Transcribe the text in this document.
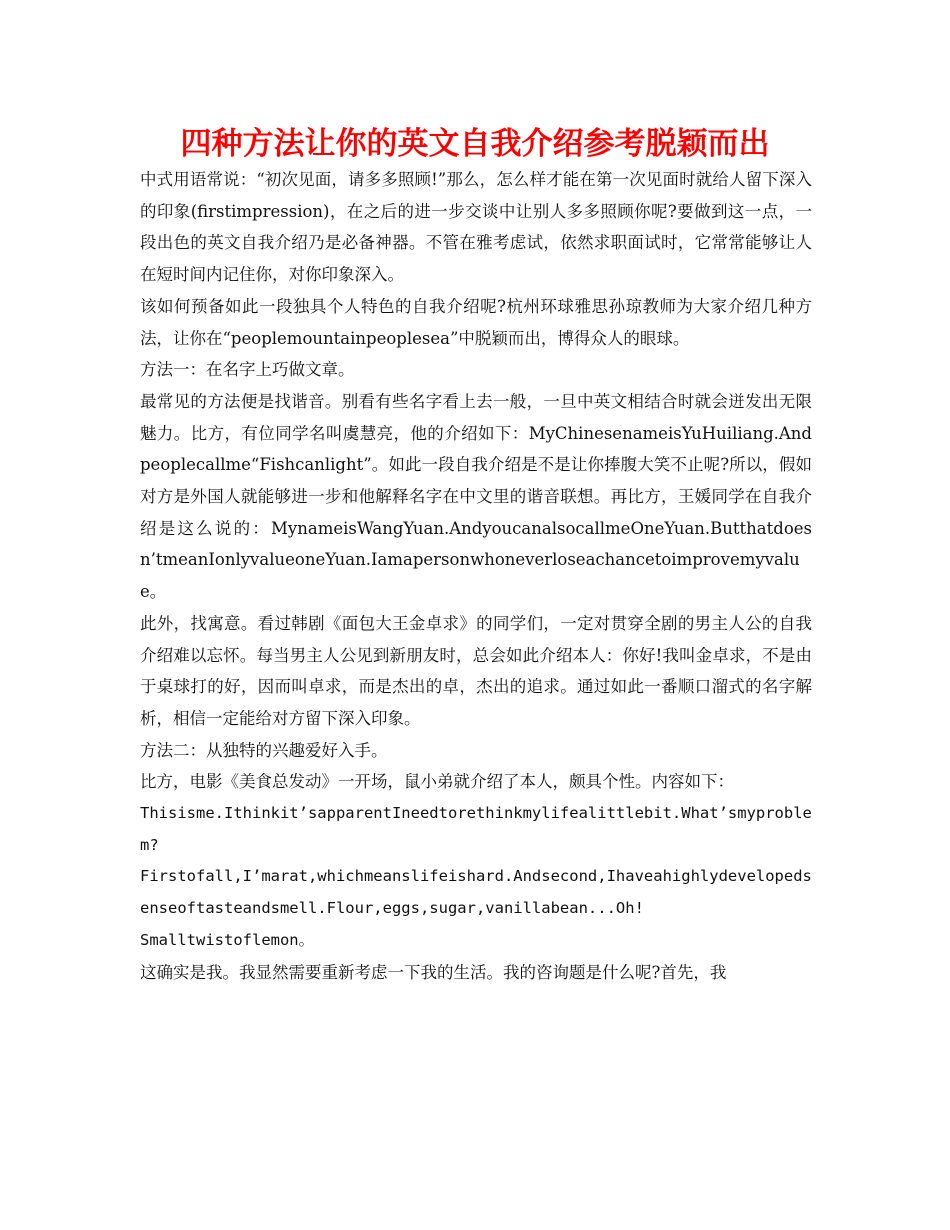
四种方法让你的英文自我介绍参考脱颖而出

中式用语常说：“初次见面，请多多照顾!”那么，怎么样才能在第一次见面时就给人留下深入的印象(firstimpression)，在之后的进一步交谈中让别人多多照顾你呢?要做到这一点，一段出色的英文自我介绍乃是必备神器。不管在雅考虑试，依然求职面试时，它常常能够让人在短时间内记住你，对你印象深入。

该如何预备如此一段独具个人特色的自我介绍呢?杭州环球雅思孙琼教师为大家介绍几种方法，让你在“peoplemountainpeoplesea”中脱颖而出，博得众人的眼球。

方法一：在名字上巧做文章。

最常见的方法便是找谐音。别看有些名字看上去一般，一旦中英文相结合时就会迸发出无限魅力。比方，有位同学名叫虞慧亮，他的介绍如下：MyChinesenameisYuHuiliang.Andpeoplecallme“Fishcanlight”。如此一段自我介绍是不是让你捧腹大笑不止呢?所以，假如对方是外国人就能够进一步和他解释名字在中文里的谐音联想。再比方，王媛同学在自我介绍是这么说的：MynameisWangYuan.AndyoucanalsocallmeOneYuan.Butthatdoesn’tmeanIonlyvalueoneYuan.Iamapersonwhoneverloseachancetoimprovemyvalue。

此外，找寓意。看过韩剧《面包大王金卓求》的同学们，一定对贯穿全剧的男主人公的自我介绍难以忘怀。每当男主人公见到新朋友时，总会如此介绍本人：你好!我叫金卓求，不是由于桌球打的好，因而叫卓求，而是杰出的卓，杰出的追求。通过如此一番顺口溜式的名字解析，相信一定能给对方留下深入印象。

方法二：从独特的兴趣爱好入手。

比方，电影《美食总发动》一开场，鼠小弟就介绍了本人，颇具个性。内容如下：

Thisisme.Ithinkit’sapparentIneedtorethinkmylifealittlebit.What’smyproblem?

Firstofall,I’marat,whichmeanslifeishard.Andsecond,Ihaveahighlydevelopedsenseoftasteandsmell.Flour,eggs,sugar,vanillabean...Oh!

Smalltwistoflemon。

这确实是我。我显然需要重新考虑一下我的生活。我的咨询题是什么呢?首先，我
